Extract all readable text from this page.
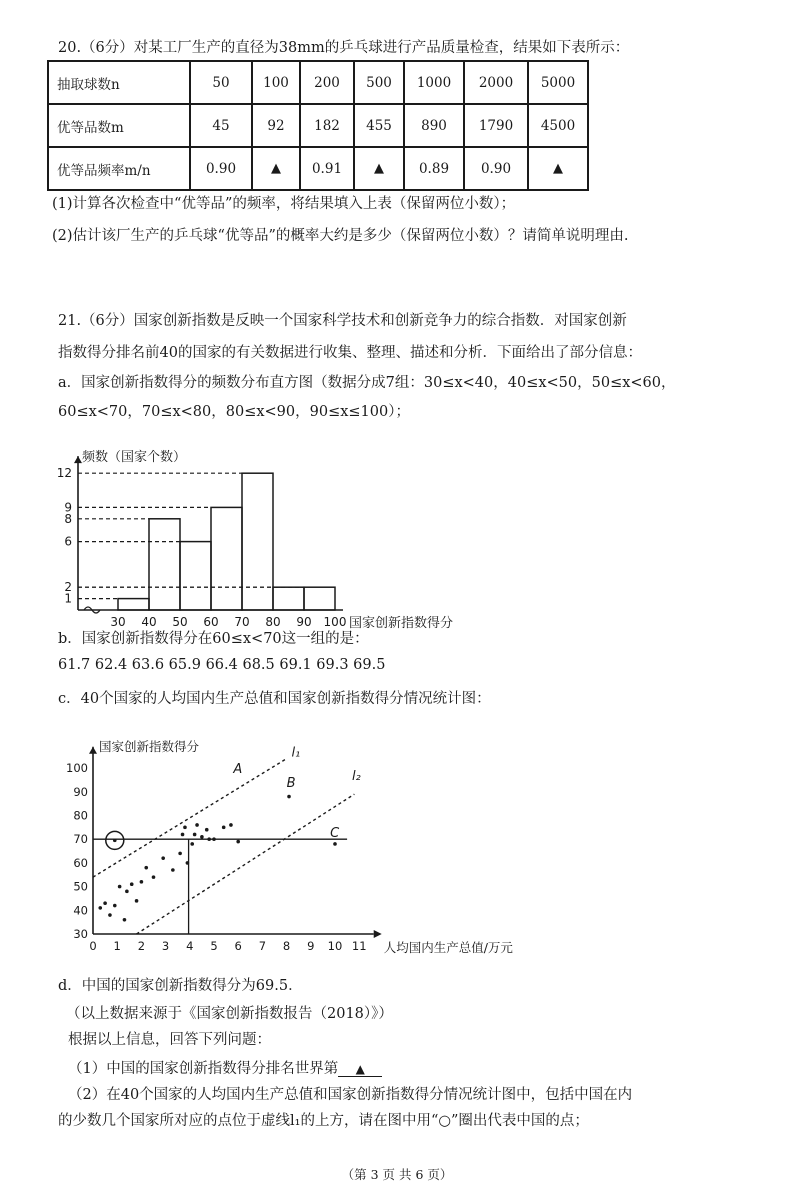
20.（6分）对某工厂生产的直径为38mm的乒乓球进行产品质量检查，结果如下表所示：
抽取球数n	50	100	200	500	1000	2000	5000
优等品数m	45	92	182	455	890	1790	4500
优等品频率m/n	0.90	▲	0.91	▲	0.89	0.90	▲
(1)计算各次检查中“优等品”的频率，将结果填入上表（保留两位小数）；
(2)估计该厂生产的乒乓球“优等品”的概率大约是多少（保留两位小数）？请简单说明理由.
21.（6分）国家创新指数是反映一个国家科学技术和创新竞争力的综合指数．对国家创新
指数得分排名前40的国家的有关数据进行收集、整理、描述和分析．下面给出了部分信息：
a．国家创新指数得分的频数分布直方图（数据分成7组：30≤x<40，40≤x<50，50≤x<60，
60≤x<70，70≤x<80，80≤x<90，90≤x≤100）；
频数（国家个数）
1
2
6
8
9
12
30 40 50 60 70 80 90 100 国家创新指数得分
b．国家创新指数得分在60≤x<70这一组的是：
61.7 62.4 63.6 65.9 66.4 68.5 69.1 69.3 69.5
c．40个国家的人均国内生产总值和国家创新指数得分情况统计图：
国家创新指数得分
人均国内生产总值/万元
30
40
50
60
70
80
90
100
0 1 2 3 4 5 6 7 8 9 10 11
A
B
C
l₁
l₂
d．中国的国家创新指数得分为69.5．
（以上数据来源于《国家创新指数报告（2018）》）
根据以上信息，回答下列问题：
（1）中国的国家创新指数得分排名世界第 ▲
（2）在40个国家的人均国内生产总值和国家创新指数得分情况统计图中，包括中国在内
的少数几个国家所对应的点位于虚线l₁的上方，请在图中用“○”圈出代表中国的点；
（第 3 页 共 6 页）
